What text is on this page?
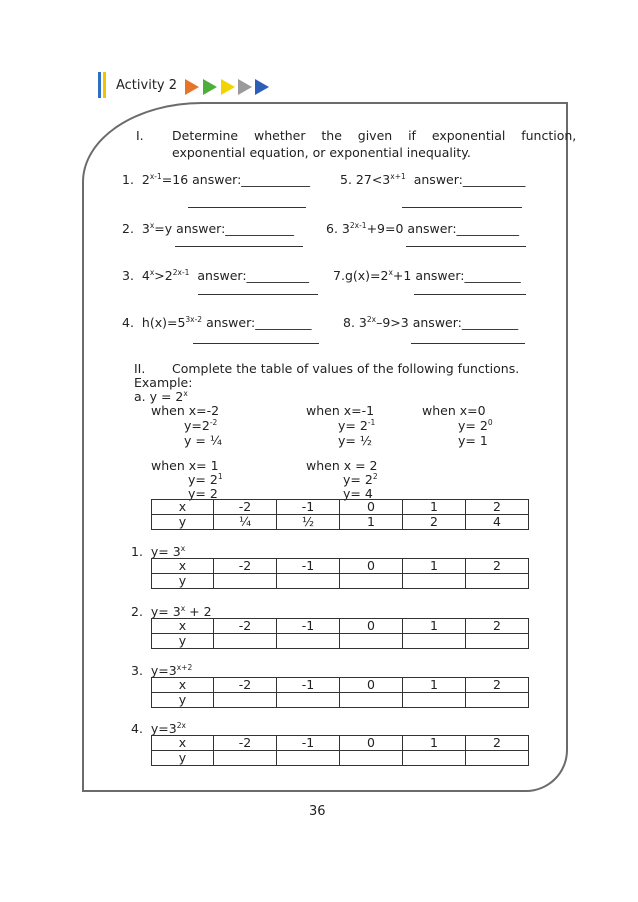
Activity 2
I. Determine    whether    the    given    if    exponential    function,
exponential equation, or exponential inequality.
1. $2^{x-1}=16$ answer:___________ 5. $27<3^{x+1}$ answer:__________
2. $3^x=y$ answer:___________	6. $3^{2x-1}+9=0$ answer:__________
3. $4^x>2^{2x-1}$ answer:__________ $7.g(x)=2^x+1$ answer:_________
4. $h(x)=5^{3x-2}$ answer:_________	8. $3^{2x}-9>3$ answer:_________
II. Complete the table of values of the following functions.
Example:
a. $y = 2^x$
when x=-2	when x=-1	when x=0
$y=2^{-2}$	$y= 2^{-1}$	$y= 2^0$
y = ¼	y= ½	y= 1
when x= 1	when x = 2
$y= 2^1$	$y= 2^2$
y= 2	y= 4
x	-2	-1	0	1	2
y	¼	½	1	2	4
1. $y= 3^x$
x	-2	-1	0	1	2
y					
2. $y= 3^x + 2$
x	-2	-1	0	1	2
y					
3. $y=3^{x+2}$
x	-2	-1	0	1	2
y					
4. $y=3^{2x}$
x	-2	-1	0	1	2
y					
36
